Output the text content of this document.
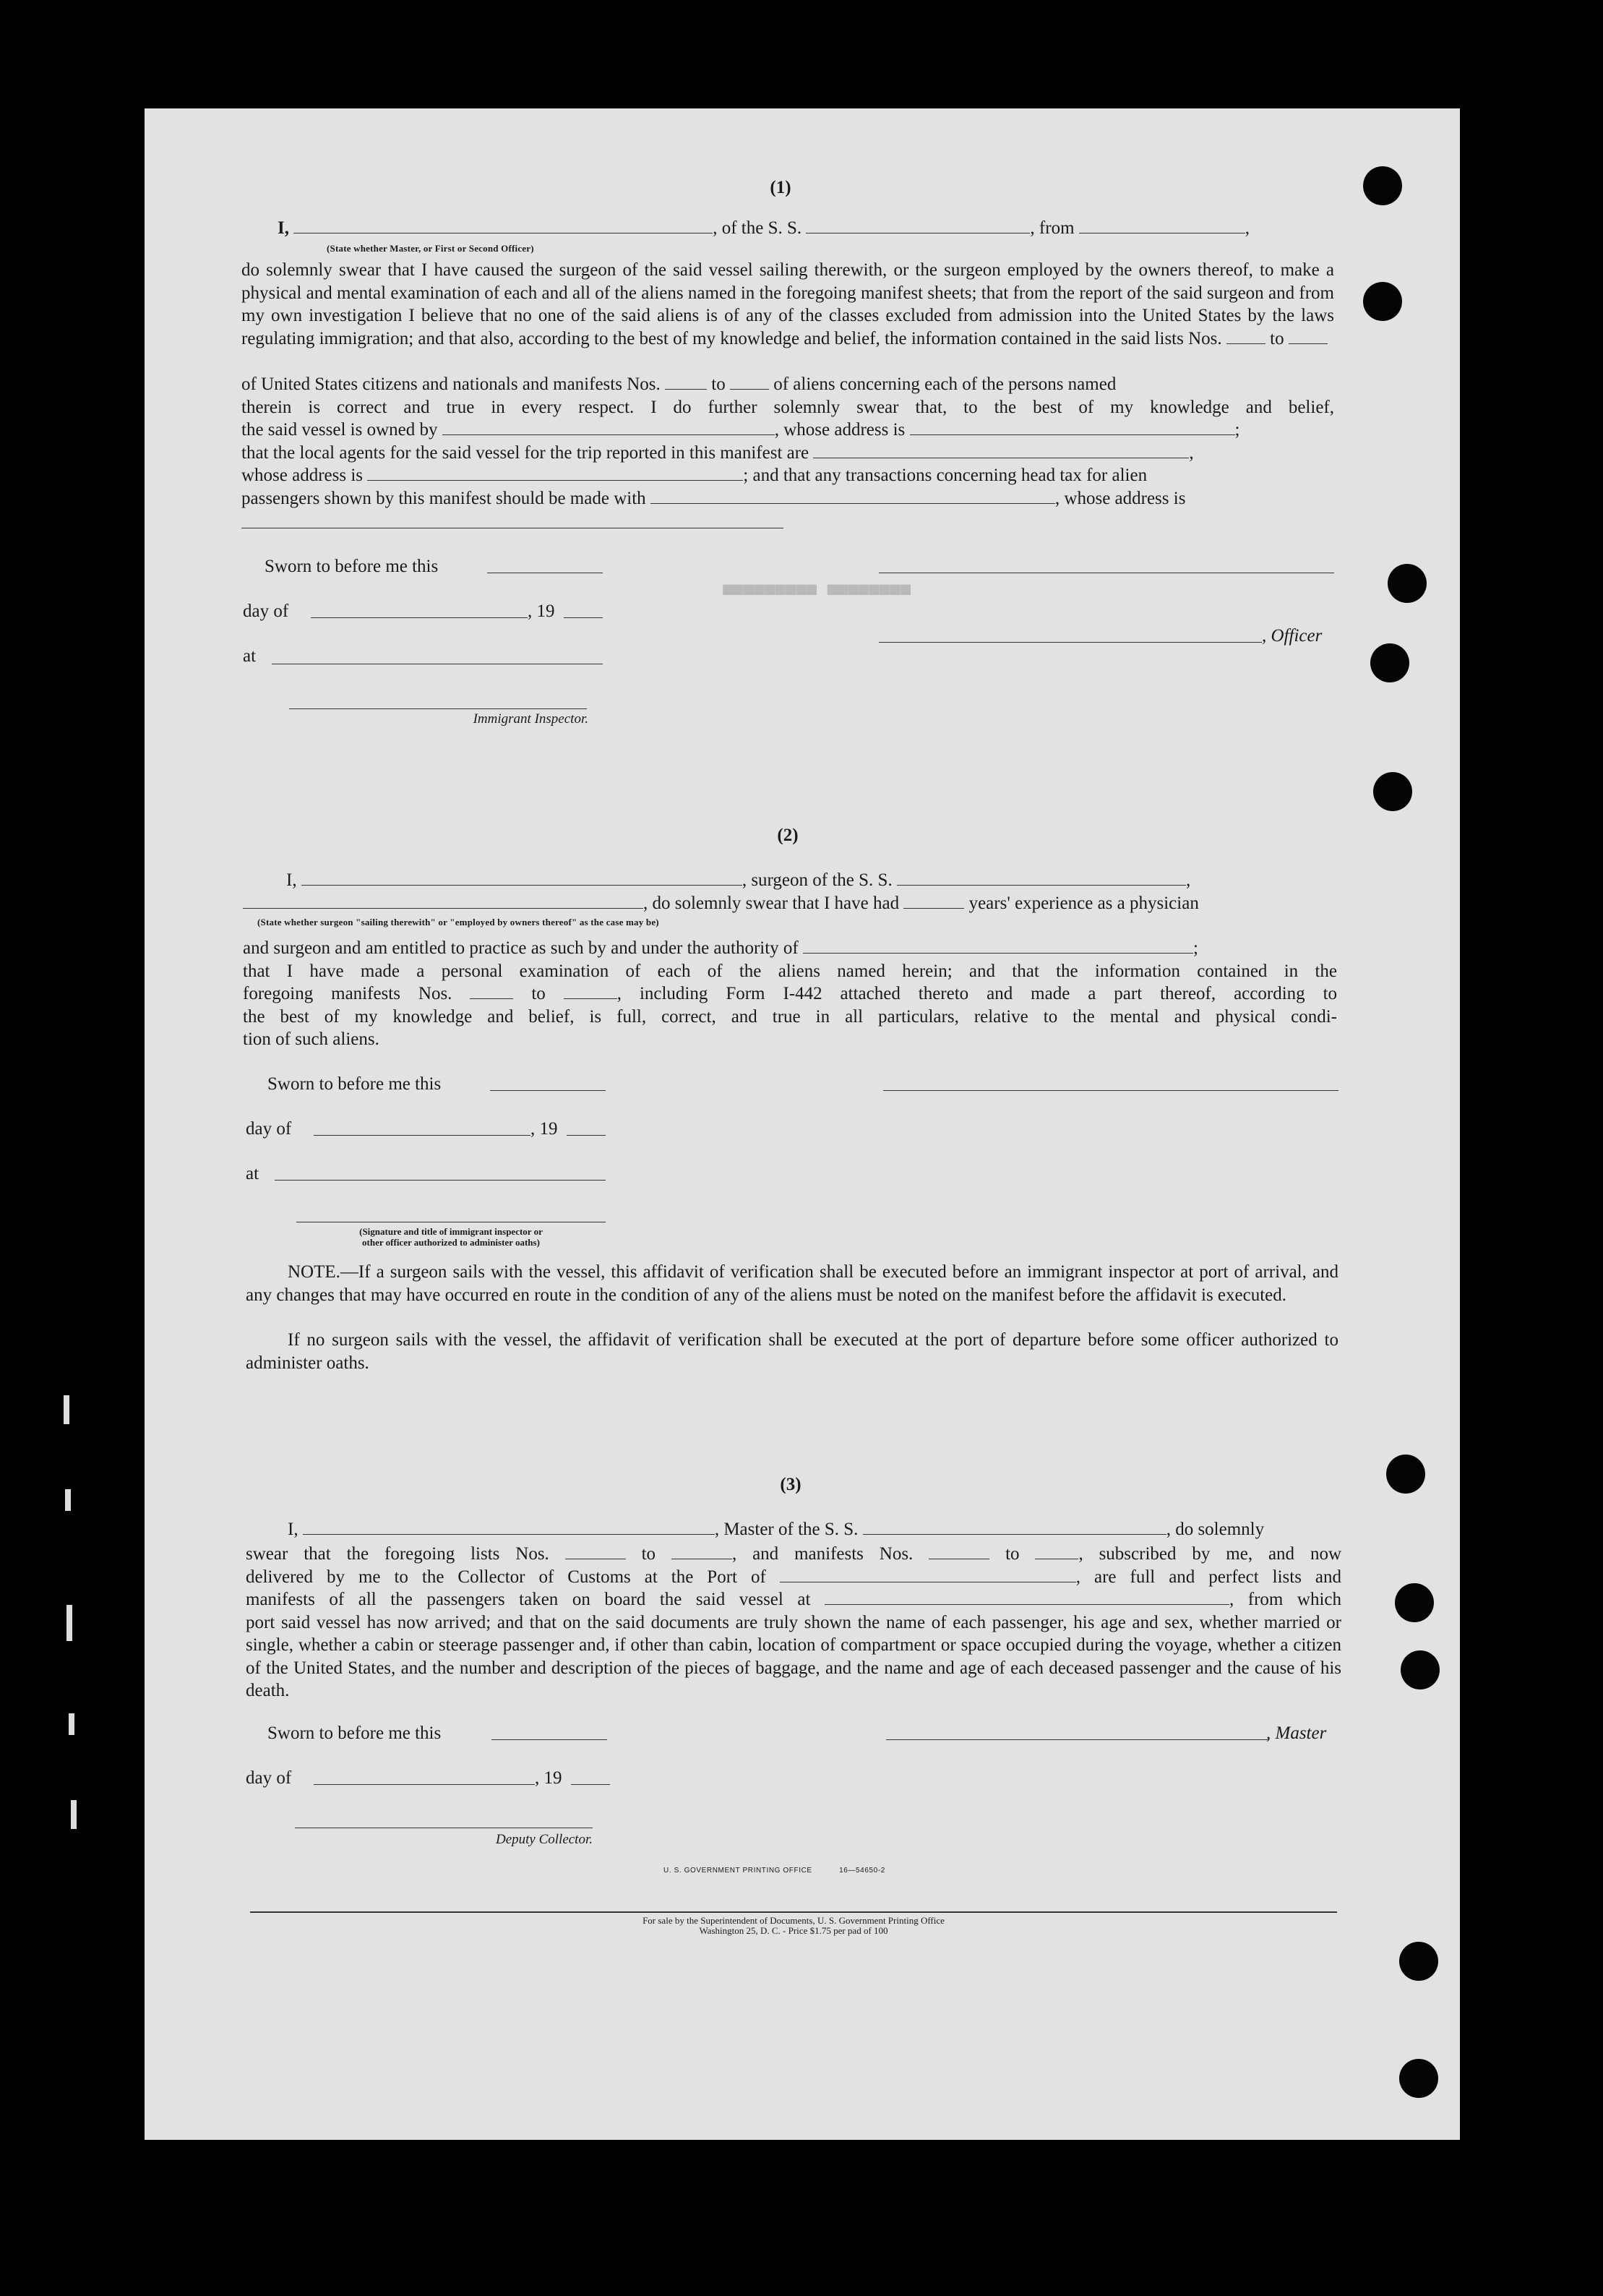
■■■■■■■■ ■■■■■■■■■
(1)
I,	, of the S. S.	, from	,
(State whether Master, or First or Second Officer)
do solemnly swear that I have caused the surgeon of the said vessel sailing therewith, or the surgeon employed by the owners thereof, to make a physical and mental examination of each and all of the aliens named in the foregoing manifest sheets; that from the report of the said surgeon and from my own investigation I believe that no one of the said aliens is of any of the classes excluded from admission into the United States by the laws regulating immigration; and that also, according to the best of my knowledge and belief, the information contained in the said lists Nos.	to
of United States citizens and nationals and manifests Nos.	to	of aliens concerning each of the persons named
therein is correct and true in every respect. I do further solemnly swear that, to the best of my knowledge and belief,
the said vessel is owned by	, whose address is	;
that the local agents for the said vessel for the trip reported in this manifest are	,
whose address is	; and that any transactions concerning head tax for alien
passengers shown by this manifest should be made with	, whose address is
Sworn to before me this
day of	, 19
at
Immigrant Inspector.
, Officer
(2)
I,	, surgeon of the S. S.	,
, do solemnly swear that I have had	years' experience as a physician
(State whether surgeon "sailing therewith" or "employed by owners thereof" as the case may be)
and surgeon and am entitled to practice as such by and under the authority of	;
that I have made a personal examination of each of the aliens named herein; and that the information contained in the
foregoing manifests Nos.	to	, including Form I-442 attached thereto and made a part thereof, according to
the best of my knowledge and belief, is full, correct, and true in all particulars, relative to the mental and physical condi-
tion of such aliens.
Sworn to before me this
day of	, 19
at
(Signature and title of immigrant inspector or
other officer authorized to administer oaths)
NOTE.—If a surgeon sails with the vessel, this affidavit of verification shall be executed before an immigrant inspector at port of arrival, and any changes that may have occurred en route in the condition of any of the aliens must be noted on the manifest before the affidavit is executed.
If no surgeon sails with the vessel, the affidavit of verification shall be executed at the port of departure before some officer authorized to administer oaths.
(3)
I,	, Master of the S. S.	, do solemnly
swear that the foregoing lists Nos.	to	, and manifests Nos.	to	, subscribed by me, and now
delivered by me to the Collector of Customs at the Port of	, are full and perfect lists and
manifests of all the passengers taken on board the said vessel at	, from which
port said vessel has now arrived; and that on the said documents are truly shown the name of each passenger, his age and sex, whether married or single, whether a cabin or steerage passenger and, if other than cabin, location of compartment or space occupied during the voyage, whether a citizen of the United States, and the number and description of the pieces of baggage, and the name and age of each deceased passenger and the cause of his death.
Sworn to before me this	, Master
day of	, 19
Deputy Collector.
U. S. GOVERNMENT PRINTING OFFICE	16—54650-2
For sale by the Superintendent of Documents, U. S. Government Printing Office
Washington 25, D. C. - Price $1.75 per pad of 100
